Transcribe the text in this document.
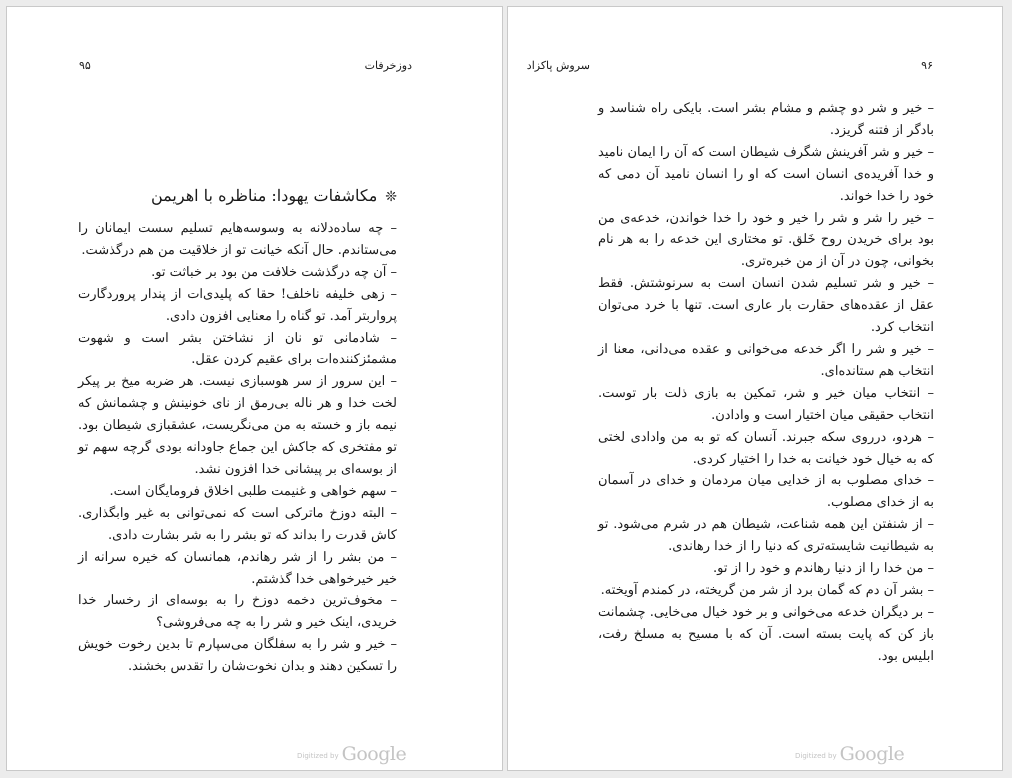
دوزخرفات
۹۵
❊مکاشفات یهودا: مناظره با اهریمن

– چه ساده‌دلانه به وسوسه‌هایم تسلیم سست ایمانان را می‌ستاندم. حال آنکه خیانت تو از خلاقیت من هم درگذشت.

– آن چه درگذشت خلافت من بود بر خباثت تو.

– زهی خلیفه ناخلف! حقا که پلیدی‌ات از پندار پروردگارت پرواربتر آمد. تو گناه را معنایی افزون دادی.

– شادمانی تو نان از نشاختن بشر است و شهوت مشمئزکننده‌ات برای عقیم کردن عقل.

– این سرور از سر هوسبازی نیست. هر ضربه میخ بر پیکر لخت خدا و هر ناله بی‌رمق از نای خونینش و چشمانش که نیمه باز و خسته به من می‌نگریست، عشقبازی شیطان بود. تو مفتخری که جاکش این جماع جاودانه بودی گرچه سهم تو از بوسه‌ای بر پیشانی خدا افزون نشد.

– سهم خواهی و غنیمت طلبی اخلاق فرومایگان است.

– البته دوزخ ماترکی است که نمی‌توانی به غیر وابگذاری. کاش قدرت را بداند که تو بشر را به شر بشارت دادی.

– من بشر را از شر رهاندم، همانسان که خیره سرانه از خیر خیرخواهی خدا گذشتم.

– مخوف‌ترین دخمه دوزخ را به بوسه‌ای از رخسار خدا خریدی، اینک خیر و شر را به چه می‌فروشی؟

– خیر و شر را به سفلگان می‌سپارم تا بدین رخوت خویش را تسکین دهند و بدان نخوت‌شان را تقدس بخشند.

Digitized by Google
سروش پاکزاد	۹۶

– خیر و شر دو چشم و مشام بشر است. بایکی راه شناسد و بادگر از فتنه گریزد.

– خیر و شر آفرینش شگرف شیطان است که آن را ایمان نامید و خدا آفریده‌ی انسان است که او را انسان نامید آن دمی که خود را خدا خواند.

– خیر را شر و شر را خیر و خود را خدا خواندن، خدعه‌ی من بود برای خریدن روح خَلق. تو مختاری این خدعه را به هر نام بخوانی، چون در آن از من خبره‌تری.

– خیر و شر تسلیم شدن انسان است به سرنوشتش. فقط عقل از عقده‌های حقارت بار عاری است. تنها با خرد می‌توان انتخاب کرد.

– خیر و شر را اگر خدعه می‌خوانی و عقده می‌دانی، معنا از انتخاب هم ستانده‌ای.

– انتخاب میان خیر و شر، تمکین به بازی ذلت بار توست. انتخاب حقیقی میان اختیار است و وادادن.

– هردو، درروی سکه جبرند. آنسان که تو به من وادادی لختی که به خیال خود خیانت به خدا را اختیار کردی.

– خدای مصلوب به از خدایی میان مردمان و خدای در آسمان به از خدای مصلوب.

– از شنفتن این همه شناعت، شیطان هم در شرم می‌شود. تو به شیطانیت شایسته‌تری که دنیا را از خدا رهاندی.

– من خدا را از دنیا رهاندم و خود را از تو.

– بشر آن دم که گمان برد از شر من گریخته، در کمندم آویخته.

– بر دیگران خدعه می‌خوانی و بر خود خیال می‌خایی. چشمانت باز کن که پایت بسته است. آن که با مسیح به مسلخ رفت، ابلیس بود.

Digitized by Google
